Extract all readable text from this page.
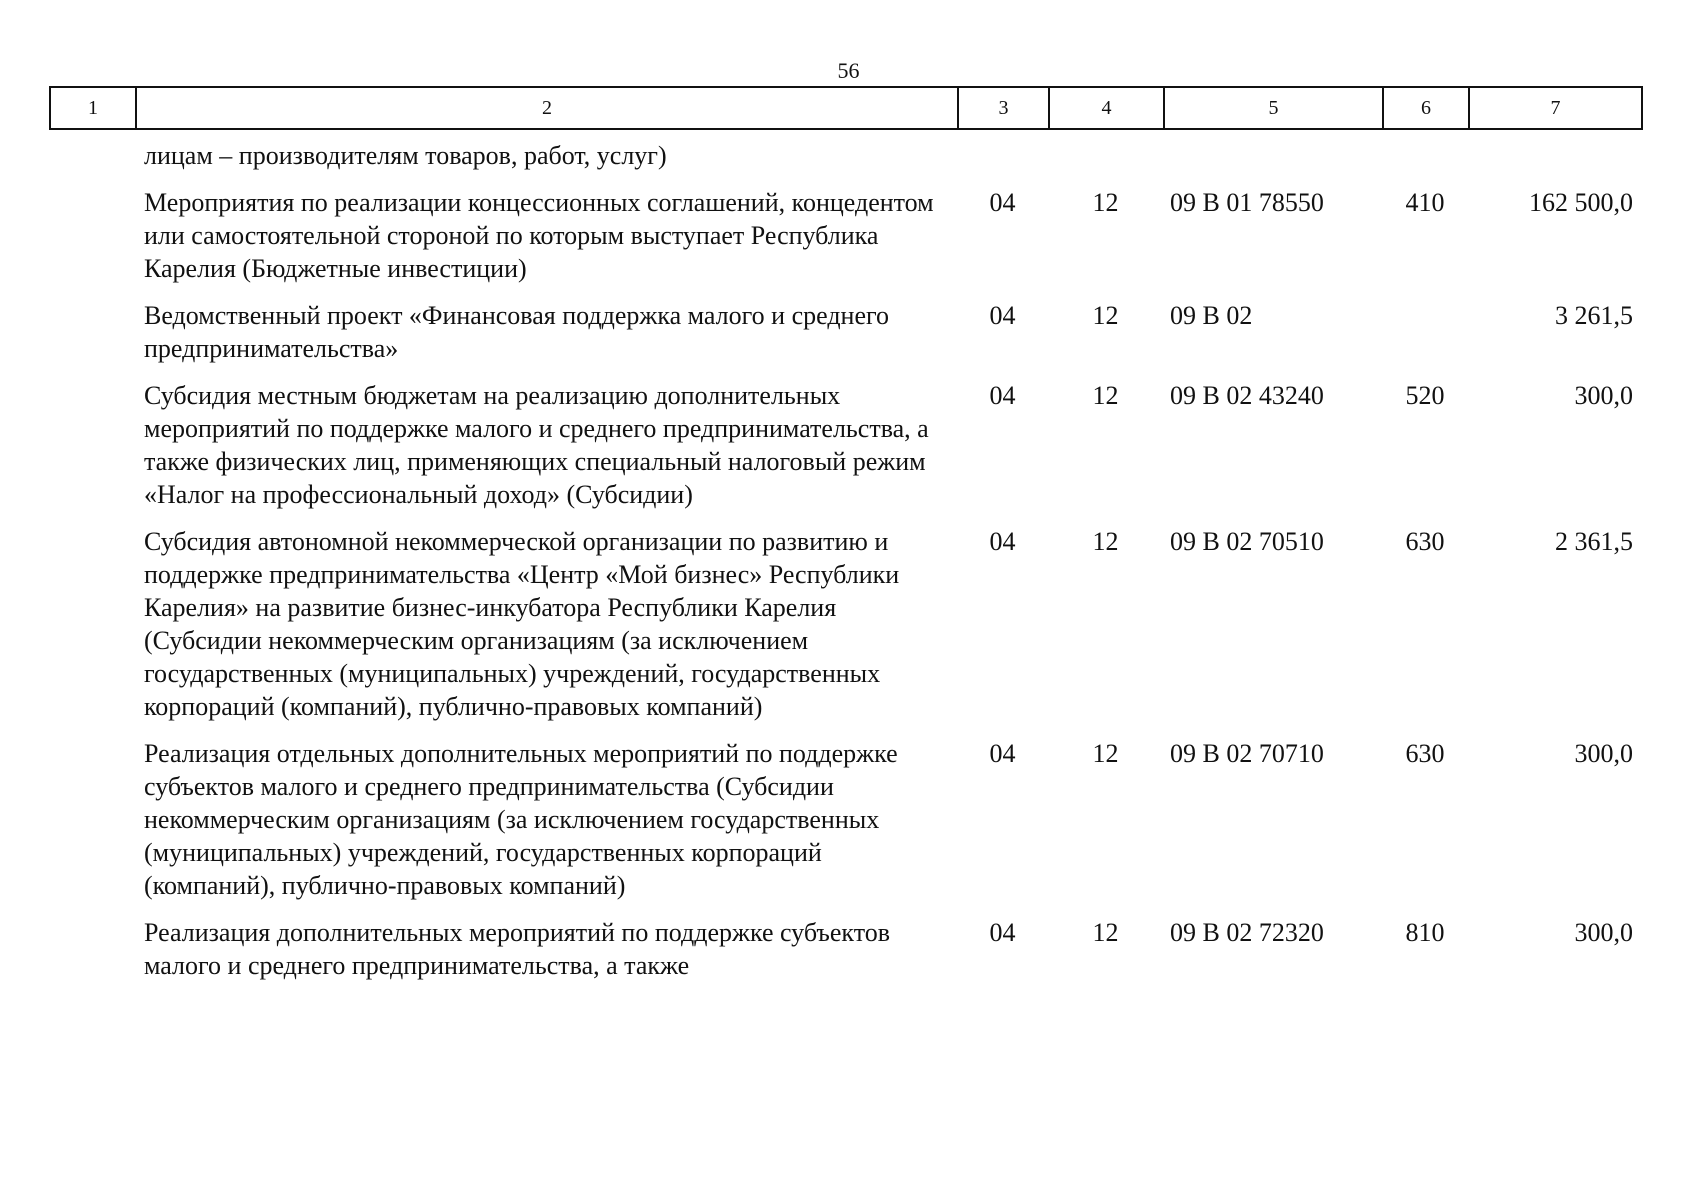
56
1	2	3	4	5	6	7
лицам – производителям товаров, работ, услуг)					
Мероприятия по реализации концессионных соглашений, концедентом или самостоятельной стороной по которым выступает Республика Карелия (Бюджетные инвестиции)	04	12	09 В 01 78550	410	162 500,0
Ведомственный проект «Финансовая поддержка малого и среднего предпринимательства»	04	12	09 В 02		3 261,5
Субсидия местным бюджетам на реализацию дополнительных мероприятий по поддержке малого и среднего предпринимательства, а также физических лиц, применяющих специальный налоговый режим «Налог на профессиональный доход» (Субсидии)	04	12	09 В 02 43240	520	300,0
Субсидия автономной некоммерческой организации по развитию и поддержке предпринимательства «Центр «Мой бизнес» Республики Карелия» на развитие бизнес-инкубатора Республики Карелия (Субсидии некоммерческим организациям (за исключением государственных (муниципальных) учреждений, государственных корпораций (компаний), публично-правовых компаний)	04	12	09 В 02 70510	630	2 361,5
Реализация отдельных дополнительных мероприятий по поддержке субъектов малого и среднего предпринимательства (Субсидии некоммерческим организациям (за исключением государственных (муниципальных) учреждений, государственных корпораций (компаний), публично-правовых компаний)	04	12	09 В 02 70710	630	300,0
Реализация дополнительных мероприятий по поддержке субъектов малого и среднего предпринимательства, а также	04	12	09 В 02 72320	810	300,0
